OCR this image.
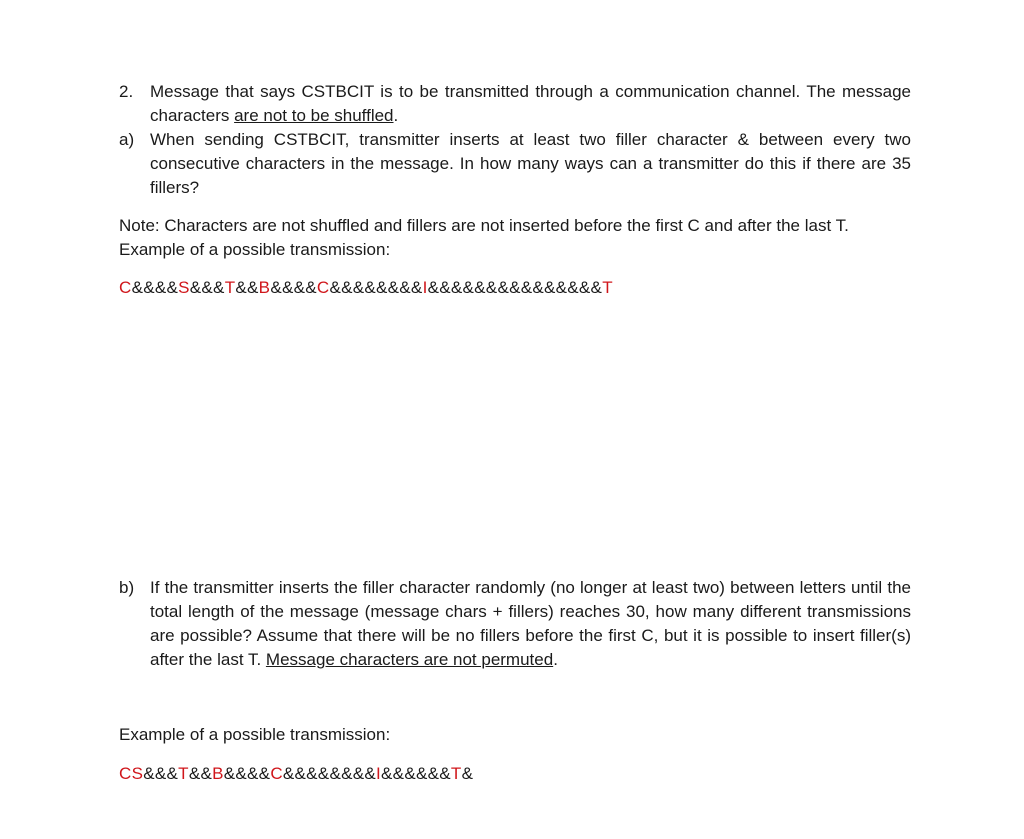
2. Message that says CSTBCIT is to be transmitted through a communication channel. The message characters are not to be shuffled.
a) When sending CSTBCIT, transmitter inserts at least two filler character & between every two consecutive characters in the message. In how many ways can a transmitter do this if there are 35 fillers?
Note: Characters are not shuffled and fillers are not inserted before the first C and after the last T.
Example of a possible transmission:
C&&&&S&&&T&&B&&&&C&&&&&&&&I&&&&&&&&&&&&&&&T
b) If the transmitter inserts the filler character randomly (no longer at least two) between letters until the total length of the message (message chars + fillers) reaches 30, how many different transmissions are possible? Assume that there will be no fillers before the first C, but it is possible to insert filler(s) after the last T. Message characters are not permuted.
Example of a possible transmission:
CS&&&T&&B&&&&C&&&&&&&&I&&&&&&T&
